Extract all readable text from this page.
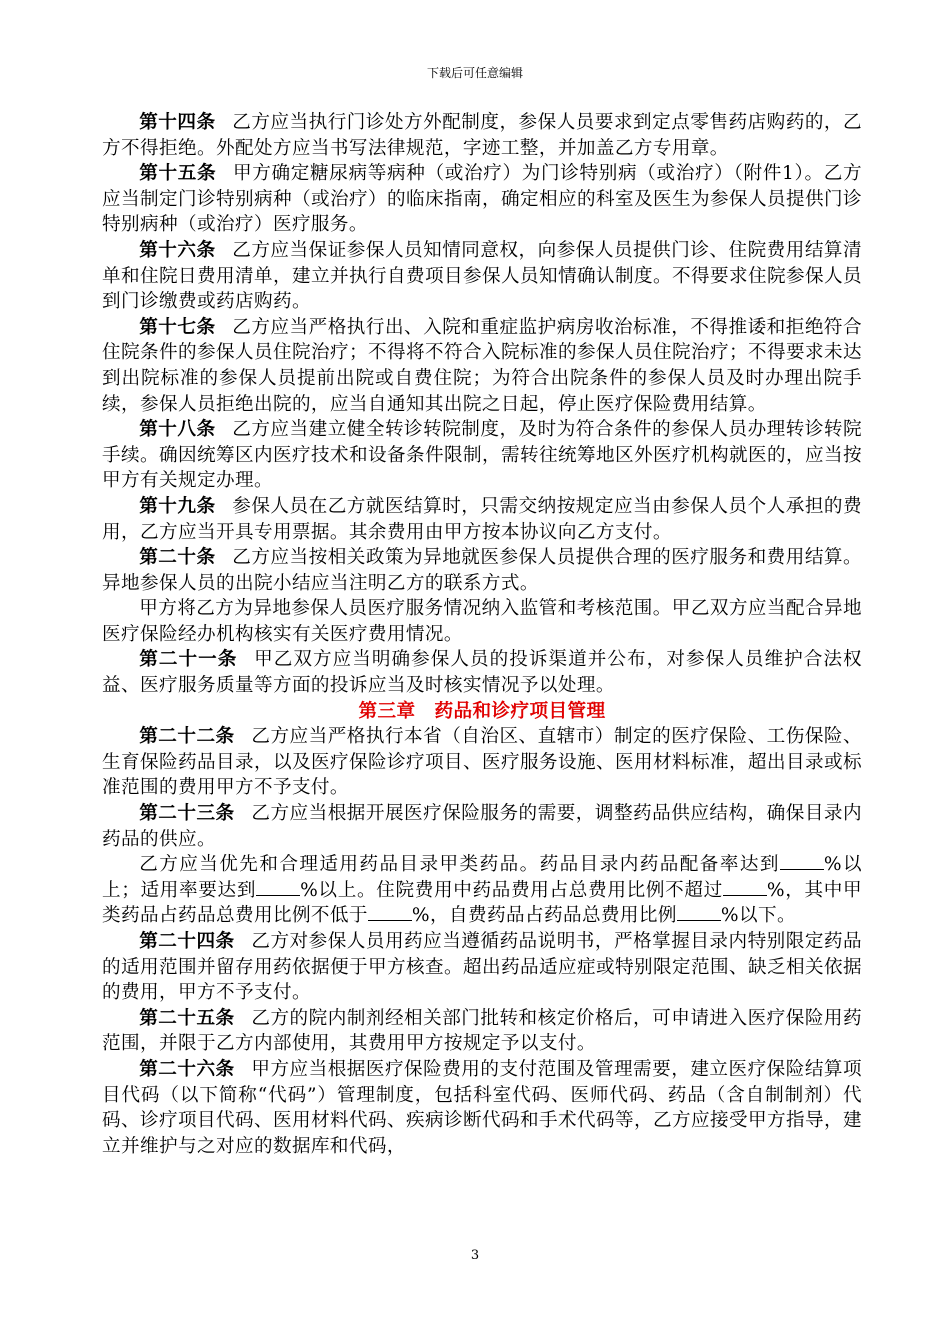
下载后可任意编辑

第十四条 乙方应当执行门诊处方外配制度，参保人员要求到定点零售药店购药的，乙方不得拒绝。外配处方应当书写法律规范，字迹工整，并加盖乙方专用章。

第十五条 甲方确定糖尿病等病种（或治疗）为门诊特别病（或治疗）（附件1）。乙方应当制定门诊特别病种（或治疗）的临床指南，确定相应的科室及医生为参保人员提供门诊特别病种（或治疗）医疗服务。

第十六条 乙方应当保证参保人员知情同意权，向参保人员提供门诊、住院费用结算清单和住院日费用清单，建立并执行自费项目参保人员知情确认制度。不得要求住院参保人员到门诊缴费或药店购药。

第十七条 乙方应当严格执行出、入院和重症监护病房收治标准，不得推诿和拒绝符合住院条件的参保人员住院治疗；不得将不符合入院标准的参保人员住院治疗；不得要求未达到出院标准的参保人员提前出院或自费住院；为符合出院条件的参保人员及时办理出院手续，参保人员拒绝出院的，应当自通知其出院之日起，停止医疗保险费用结算。

第十八条 乙方应当建立健全转诊转院制度，及时为符合条件的参保人员办理转诊转院手续。确因统筹区内医疗技术和设备条件限制，需转往统筹地区外医疗机构就医的，应当按甲方有关规定办理。

第十九条 参保人员在乙方就医结算时，只需交纳按规定应当由参保人员个人承担的费用，乙方应当开具专用票据。其余费用由甲方按本协议向乙方支付。

第二十条 乙方应当按相关政策为异地就医参保人员提供合理的医疗服务和费用结算。异地参保人员的出院小结应当注明乙方的联系方式。

甲方将乙方为异地参保人员医疗服务情况纳入监管和考核范围。甲乙双方应当配合异地医疗保险经办机构核实有关医疗费用情况。

第二十一条 甲乙双方应当明确参保人员的投诉渠道并公布，对参保人员维护合法权益、医疗服务质量等方面的投诉应当及时核实情况予以处理。

第三章　药品和诊疗项目管理

第二十二条 乙方应当严格执行本省（自治区、直辖市）制定的医疗保险、工伤保险、生育保险药品目录，以及医疗保险诊疗项目、医疗服务设施、医用材料标准，超出目录或标准范围的费用甲方不予支付。

第二十三条 乙方应当根据开展医疗保险服务的需要，调整药品供应结构，确保目录内药品的供应。

乙方应当优先和合理适用药品目录甲类药品。药品目录内药品配备率达到 %以上；适用率要达到 %以上。住院费用中药品费用占总费用比例不超过 %，其中甲类药品占药品总费用比例不低于 %，自费药品占药品总费用比例 %以下。

第二十四条 乙方对参保人员用药应当遵循药品说明书，严格掌握目录内特别限定药品的适用范围并留存用药依据便于甲方核查。超出药品适应症或特别限定范围、缺乏相关依据的费用，甲方不予支付。

第二十五条 乙方的院内制剂经相关部门批转和核定价格后，可申请进入医疗保险用药范围，并限于乙方内部使用，其费用甲方按规定予以支付。

第二十六条 甲方应当根据医疗保险费用的支付范围及管理需要，建立医疗保险结算项目代码（以下简称“代码”）管理制度，包括科室代码、医师代码、药品（含自制制剂）代码、诊疗项目代码、医用材料代码、疾病诊断代码和手术代码等，乙方应接受甲方指导，建立并维护与之对应的数据库和代码，

3
